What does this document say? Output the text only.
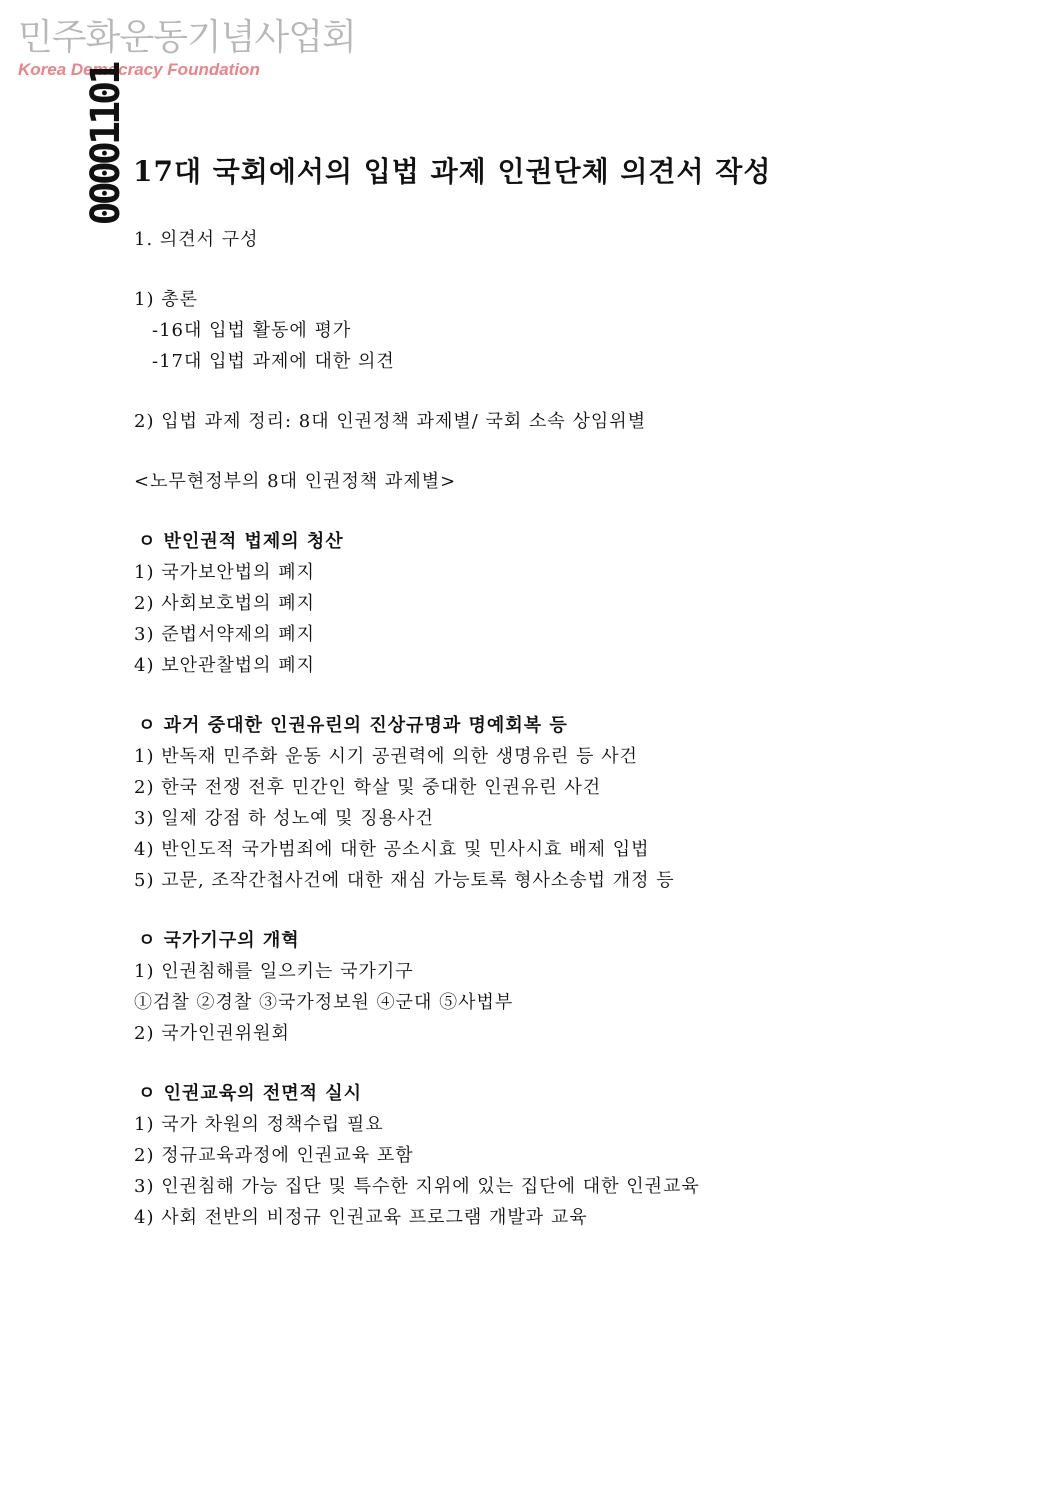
민주화운동기념사업회
Korea Democracy Foundation
00001101 17대 국회에서의 입법 과제 인권단체 의견서 작성
1. 의견서 구성
1) 총론
-16대 입법 활동에 평가
-17대 입법 과제에 대한 의견
2) 입법 과제 정리: 8대 인권정책 과제별/ 국회 소속 상임위별
<노무현정부의 8대 인권정책 과제별>
ㅇ 반인권적 법제의 청산
1) 국가보안법의 폐지
2) 사회보호법의 폐지
3) 준법서약제의 폐지
4) 보안관찰법의 폐지
ㅇ 과거 중대한 인권유린의 진상규명과 명예회복 등
1) 반독재 민주화 운동 시기 공권력에 의한 생명유린 등 사건
2) 한국 전쟁 전후 민간인 학살 및 중대한 인권유린 사건
3) 일제 강점 하 성노예 및 징용사건
4) 반인도적 국가범죄에 대한 공소시효 및 민사시효 배제 입법
5) 고문, 조작간첩사건에 대한 재심 가능토록 형사소송법 개정 등
ㅇ 국가기구의 개혁
1) 인권침해를 일으키는 국가기구
①검찰 ②경찰 ③국가정보원 ④군대 ⑤사법부
2) 국가인권위원회
ㅇ 인권교육의 전면적 실시
1) 국가 차원의 정책수립 필요
2) 정규교육과정에 인권교육 포함
3) 인권침해 가능 집단 및 특수한 지위에 있는 집단에 대한 인권교육
4) 사회 전반의 비정규 인권교육 프로그램 개발과 교육
